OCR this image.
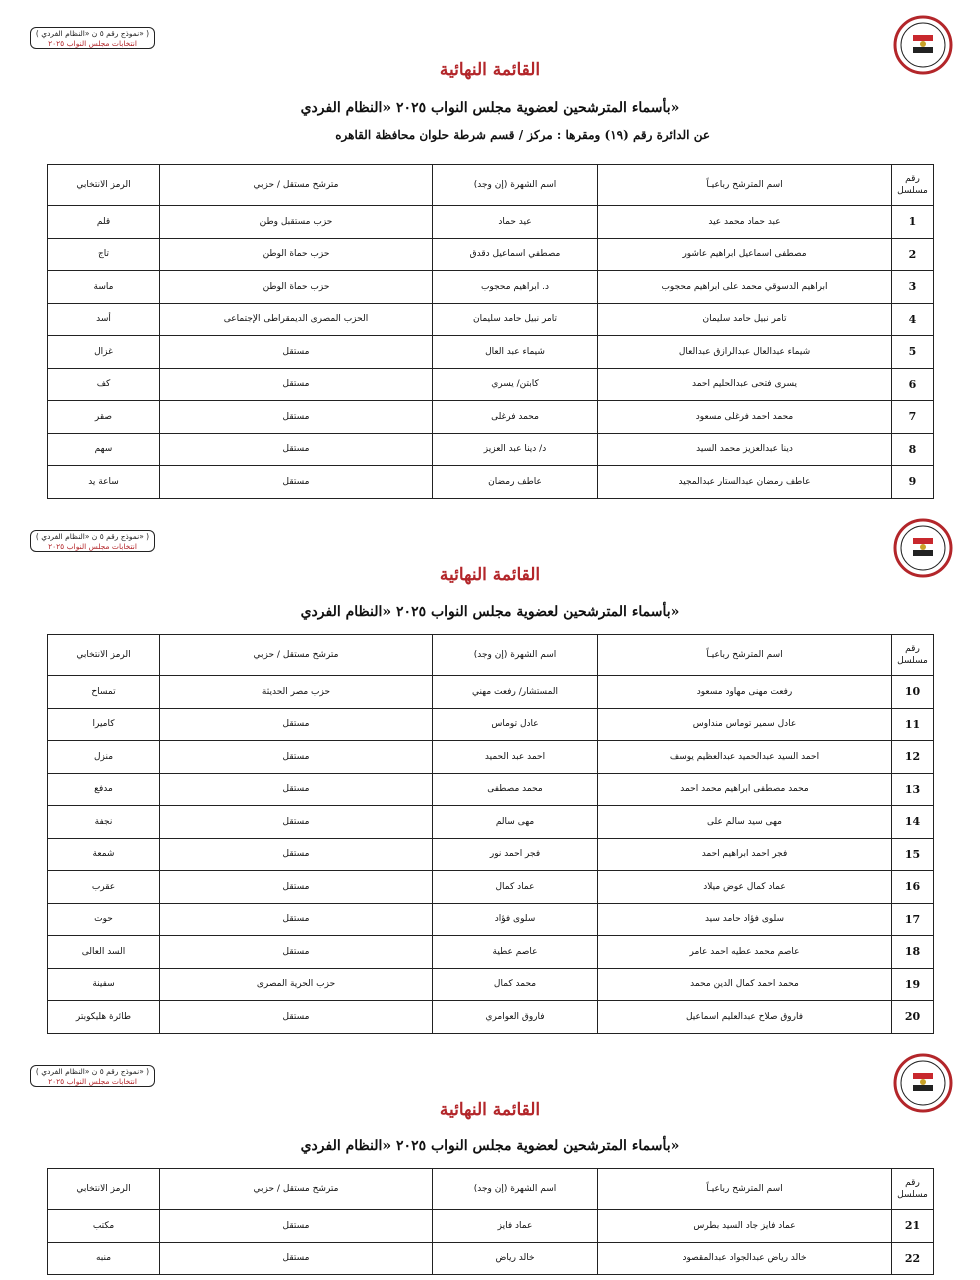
( نموذج رقم ٥ ن «النظام الفردي» )
انتخابات مجلس النواب ٢٠٢٥
القائمة النهائية
بأسماء المترشحين لعضوية مجلس النواب ٢٠٢٥ «النظام الفردي»
عن الدائرة رقم (١٩) ومقرها : مركز / قسم شرطة حلوان محافظة القاهره
رقم مسلسل	اسم المترشح رباعيـاً	اسم الشهرة (إن وجد)	مترشح مستقل / حزبي	الرمز الانتخابي
1	عبد حماد محمد عيد	عيد حماد	حزب مستقبل وطن	قلم
2	مصطفى اسماعيل ابراهيم عاشور	مصطفي اسماعيل دقدق	حزب حماة الوطن	تاج
3	ابراهيم الدسوقي محمد على ابراهيم محجوب	د. ابراهيم محجوب	حزب حماة الوطن	ماسة
4	تامر نبيل حامد سليمان	تامر نبيل حامد سليمان	الحزب المصرى الديمقراطى الإجتماعى	أسد
5	شيماء عبدالعال عبدالرازق عبدالعال	شيماء عبد العال	مستقل	غزال
6	يسرى فتحى عبدالحليم احمد	كابتن/ يسري	مستقل	كف
7	محمد احمد فرغلى مسعود	محمد فرغلى	مستقل	صقر
8	دينا عبدالعزيز محمد السيد	د/ دينا عبد العزيز	مستقل	سهم
9	عاطف رمضان عبدالستار عبدالمجيد	عاطف رمضان	مستقل	ساعة يد
( نموذج رقم ٥ ن «النظام الفردي» )
انتخابات مجلس النواب ٢٠٢٥
القائمة النهائية
بأسماء المترشحين لعضوية مجلس النواب ٢٠٢٥ «النظام الفردي»
رقم مسلسل	اسم المترشح رباعيـاً	اسم الشهرة (إن وجد)	مترشح مستقل / حزبي	الرمز الانتخابي
10	رفعت مهنى مهاود مسعود	المستشار/ رفعت مهني	حزب مصر الحديثة	تمساح
11	عادل سمير توماس منداوس	عادل توماس	مستقل	كاميرا
12	احمد السيد عبدالحميد عبدالعظيم يوسف	احمد عبد الحميد	مستقل	منزل
13	محمد مصطفى ابراهيم محمد احمد	محمد مصطفى	مستقل	مدفع
14	مهى سيد سالم على	مهى سالم	مستقل	نجفة
15	فجر احمد ابراهيم احمد	فجر احمد نور	مستقل	شمعة
16	عماد كمال عوض ميلاد	عماد كمال	مستقل	عقرب
17	سلوى فؤاد حامد سيد	سلوى فؤاد	مستقل	حوت
18	عاصم محمد عطيه احمد عامر	عاصم عطية	مستقل	السد العالى
19	محمد احمد كمال الدين محمد	محمد كمال	حزب الحرية المصرى	سفينة
20	فاروق صلاح عبدالعليم اسماعيل	فاروق العوامري	مستقل	طائرة هليكوبتر
( نموذج رقم ٥ ن «النظام الفردي» )
انتخابات مجلس النواب ٢٠٢٥
القائمة النهائية
بأسماء المترشحين لعضوية مجلس النواب ٢٠٢٥ «النظام الفردي»
رقم مسلسل	اسم المترشح رباعيـاً	اسم الشهرة (إن وجد)	مترشح مستقل / حزبي	الرمز الانتخابي
21	عماد فايز جاد السيد بطرس	عماد فايز	مستقل	مكتب
22	خالد رياض عبدالجواد عبدالمقصود	خالد رياض	مستقل	منبه
